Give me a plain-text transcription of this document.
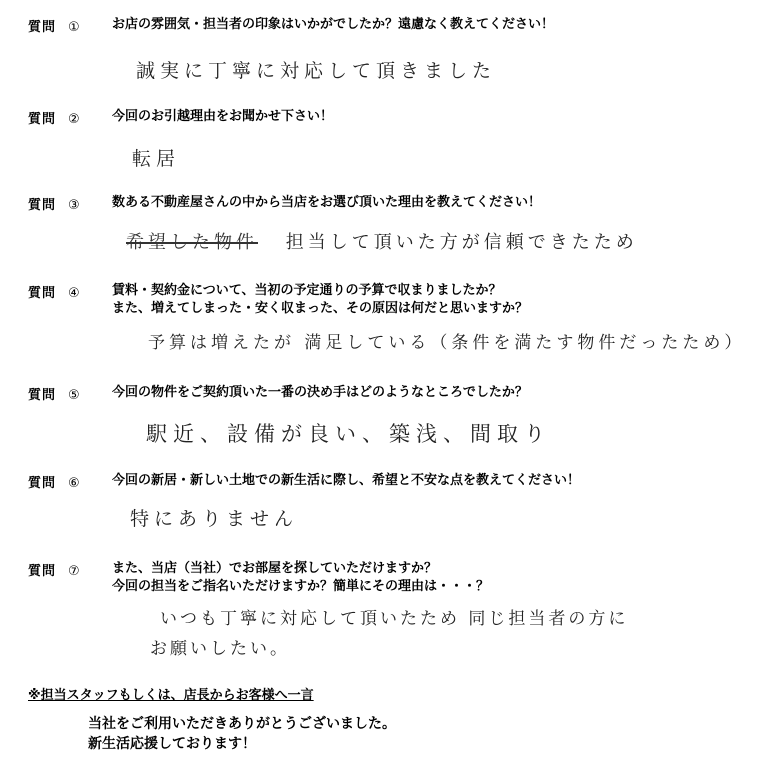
質問 ① お店の雰囲気・担当者の印象はいかがでしたか？遠慮なく教えてください！
誠実に丁寧に対応して頂きました
質問 ② 今回のお引越理由をお聞かせ下さい！
転居
質問 ③ 数ある不動産屋さんの中から当店をお選び頂いた理由を教えてください！
希望した物件 担当して頂いた方が信頼できたため
質問 ④ 賃料・契約金について、当初の予定通りの予算で収まりましたか？
また、増えてしまった・安く収まった、その原因は何だと思いますか？
予算は増えたが 満足している（条件を満たす物件だったため）
質問 ⑤ 今回の物件をご契約頂いた一番の決め手はどのようなところでしたか？
駅近、設備が良い、築浅、間取り
質問 ⑥ 今回の新居・新しい土地での新生活に際し、希望と不安な点を教えてください！
特にありません
質問 ⑦ また、当店（当社）でお部屋を探していただけますか？
今回の担当をご指名いただけますか？簡単にその理由は・・・？
いつも丁寧に対応して頂いたため 同じ担当者の方に
お願いしたい。
※担当スタッフもしくは、店長からお客様へ一言
当社をご利用いただきありがとうございました。
新生活応援しております！
